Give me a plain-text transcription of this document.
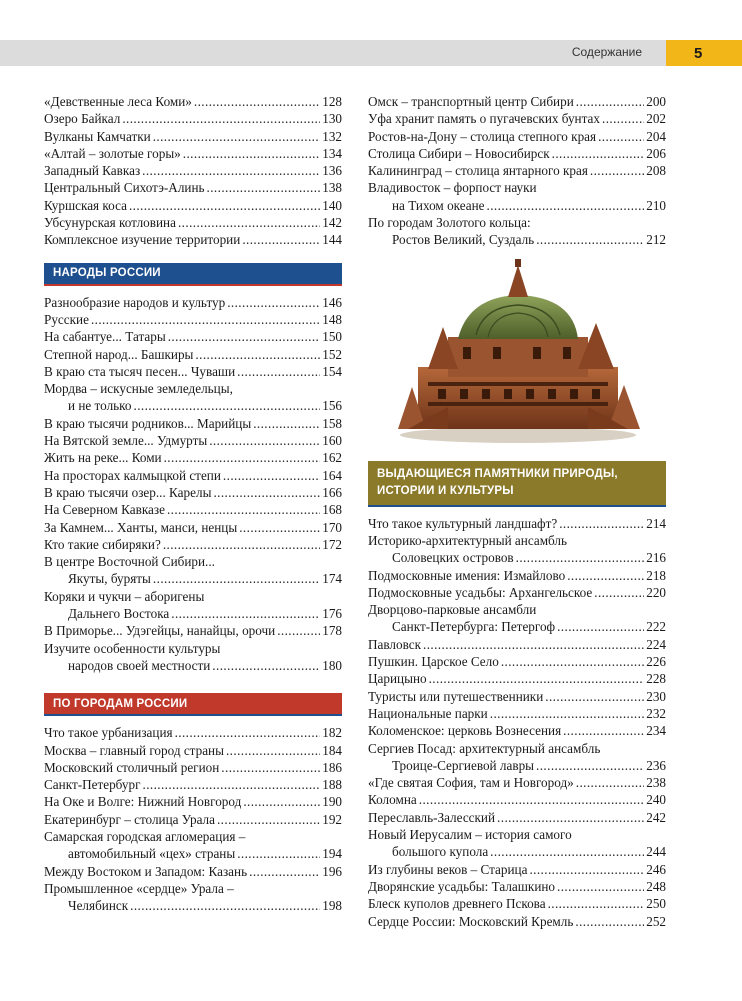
Содержание	5
«Девственные леса Коми» .....	128
Озеро Байкал .....	130
Вулканы Камчатки .....	132
«Алтай – золотые горы» .....	134
Западный Кавказ .....	136
Центральный Сихотэ-Алинь .....	138
Куршская коса .....	140
Убсунурская котловина .....	142
Комплексное изучение территории .....	144
НАРОДЫ РОССИИ
Разнообразие народов и культур .....	146
Русские .....	148
На сабантуе... Татары .....	150
Степной народ... Башкиры .....	152
В краю ста тысяч песен... Чуваши .....	154
Мордва – искусные земледельцы,
и не только .....	156
В краю тысячи родников... Марийцы .....	158
На Вятской земле... Удмурты .....	160
Жить на реке... Коми .....	162
На просторах калмыцкой степи .....	164
В краю тысячи озер... Карелы .....	166
На Северном Кавказе .....	168
За Камнем... Ханты, манси, ненцы .....	170
Кто такие сибиряки? .....	172
В центре Восточной Сибири...
Якуты, буряты .....	174
Коряки и чукчи – аборигены
Дальнего Востока .....	176
В Приморье... Удэгейцы, нанайцы, орочи .....	178
Изучите особенности культуры
народов своей местности .....	180
ПО ГОРОДАМ РОССИИ
Что такое урбанизация .....	182
Москва – главный город страны .....	184
Московский столичный регион .....	186
Санкт-Петербург .....	188
На Оке и Волге: Нижний Новгород .....	190
Екатеринбург – столица Урала .....	192
Самарская городская агломерация –
автомобильный «цех» страны .....	194
Между Востоком и Западом: Казань .....	196
Промышленное «сердце» Урала –
Челябинск .....	198
Омск – транспортный центр Сибири .....	200
Уфа хранит память о пугачевских бунтах .....	202
Ростов-на-Дону – столица степного края .....	204
Столица Сибири – Новосибирск .....	206
Калининград – столица янтарного края .....	208
Владивосток – форпост науки
на Тихом океане .....	210
По городам Золотого кольца:
Ростов Великий, Суздаль .....	212
ВЫДАЮЩИЕСЯ ПАМЯТНИКИ ПРИРОДЫ,
ИСТОРИИ И КУЛЬТУРЫ
Что такое культурный ландшафт? .....	214
Историко-архитектурный ансамбль
Соловецких островов .....	216
Подмосковные имения: Измайлово .....	218
Подмосковные усадьбы: Архангельское .....	220
Дворцово-парковые ансамбли
Санкт-Петербурга: Петергоф .....	222
Павловск .....	224
Пушкин. Царское Село .....	226
Царицыно .....	228
Туристы или путешественники .....	230
Национальные парки .....	232
Коломенское: церковь Вознесения .....	234
Сергиев Посад: архитектурный ансамбль
Троице-Сергиевой лавры .....	236
«Где святая София, там и Новгород» .....	238
Коломна .....	240
Переславль-Залесский .....	242
Новый Иерусалим – история самого
большого купола .....	244
Из глубины веков – Старица .....	246
Дворянские усадьбы: Талашкино .....	248
Блеск куполов древнего Пскова .....	250
Сердце России: Московский Кремль .....	252
